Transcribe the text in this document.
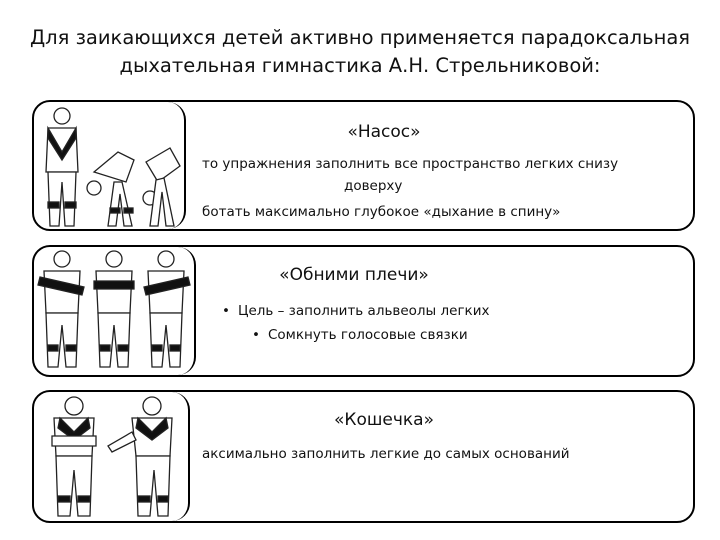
Для заикающихся детей активно применяется парадоксальная
дыхательная гимнастика А.Н. Стрельниковой:
«Насос»
то упражнения заполнить все пространство легких снизу
доверху
ботать максимально глубокое «дыхание в спину»
«Обними плечи»
• Цель – заполнить альвеолы легких
• Сомкнуть голосовые связки
«Кошечка»
аксимально заполнить легкие до самых оснований
